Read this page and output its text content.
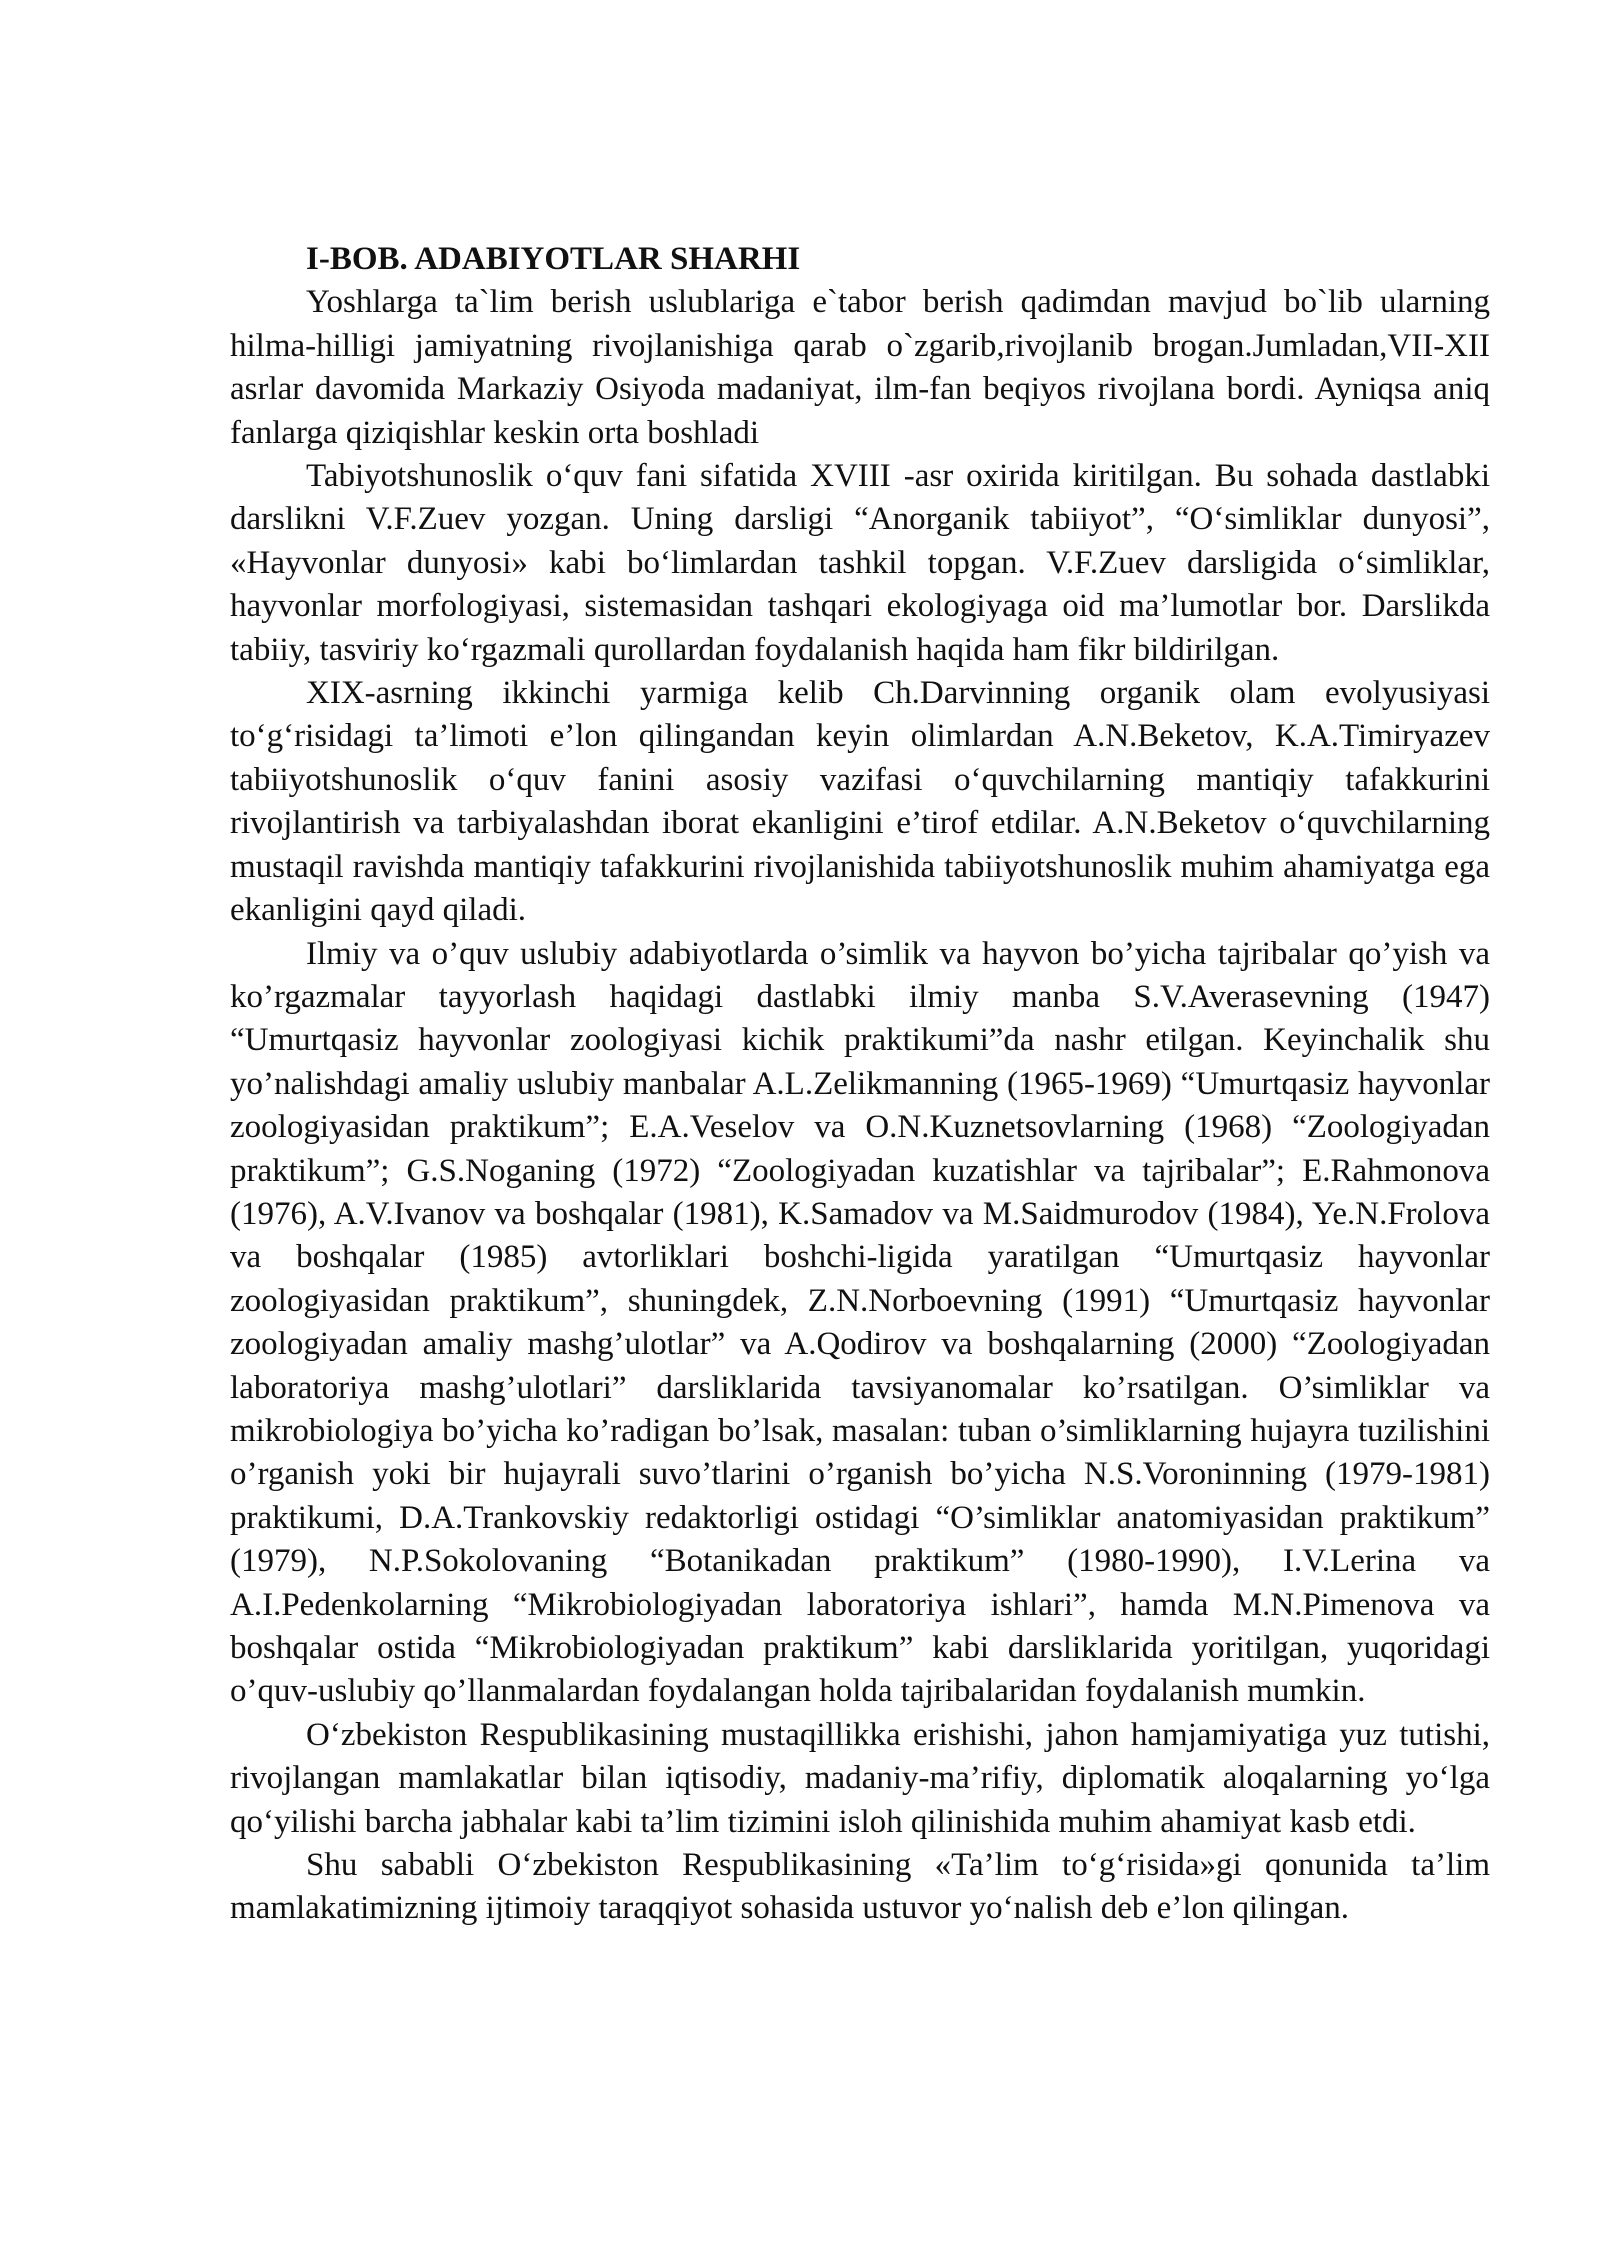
I-BOB. ADABIYOTLAR SHARHI

Yoshlarga ta`lim berish uslublariga e`tabor berish qadimdan mavjud bo`lib ularning hilma-hilligi jamiyatning rivojlanishiga qarab o`zgarib,rivojlanib brogan.Jumladan,VII-XII asrlar davomida Markaziy Osiyoda madaniyat, ilm-fan beqiyos rivojlana bordi. Ayniqsa aniq fanlarga qiziqishlar keskin orta boshladi

Tabiyotshunoslik o‘quv fani sifatida XVIII -asr oxirida kiritilgan. Bu sohada dastlabki darslikni V.F.Zuev yozgan. Uning darsligi “Anorganik tabiiyot”, “O‘simliklar dunyosi”, «Hayvonlar dunyosi» kabi bo‘limlardan tashkil topgan. V.F.Zuev darsligida o‘simliklar, hayvonlar morfologiyasi, sistemasidan tashqari ekologiyaga oid ma’lumotlar bor. Darslikda tabiiy, tasviriy ko‘rgazmali qurollardan foydalanish haqida ham fikr bildirilgan.

XIX-asrning ikkinchi yarmiga kelib Ch.Darvinning organik olam evolyusiyasi to‘g‘risidagi ta’limoti e’lon qilingandan keyin olimlardan A.N.Beketov, K.A.Timiryazev tabiiyotshunoslik o‘quv fanini asosiy vazifasi o‘quvchilarning mantiqiy tafakkurini rivojlantirish va tarbiyalashdan iborat ekanligini e’tirof etdilar. A.N.Beketov o‘quvchilarning mustaqil ravishda mantiqiy tafakkurini rivojlanishida tabiiyotshunoslik muhim ahamiyatga ega ekanligini qayd qiladi.

Ilmiy va o’quv uslubiy adabiyotlarda o’simlik va hayvon bo’yicha tajribalar qo’yish va ko’rgazmalar tayyorlash haqidagi dastlabki ilmiy manba S.V.Averasevning (1947) “Umurtqasiz hayvonlar zoologiyasi kichik praktikumi”da nashr etilgan. Keyinchalik shu yo’nalishdagi amaliy uslubiy manbalar A.L.Zelikmanning (1965-1969) “Umurtqasiz hayvonlar zoologiyasidan praktikum”; E.A.Veselov va O.N.Kuznetsovlarning (1968) “Zoologiyadan praktikum”; G.S.Noganing (1972) “Zoologiyadan kuzatishlar va tajribalar”; E.Rahmonova (1976), A.V.Ivanov va boshqalar (1981), K.Samadov va M.Saidmurodov (1984), Ye.N.Frolova va boshqalar (1985) avtorliklari boshchi-ligida yaratilgan “Umurtqasiz hayvonlar zoologiyasidan praktikum”, shuningdek, Z.N.Norboevning (1991) “Umurtqasiz hayvonlar zoologiyadan amaliy mashg’ulotlar” va A.Qodirov va boshqalarning (2000) “Zoologiyadan laboratoriya mashg’ulotlari” darsliklarida tavsiyanomalar ko’rsatilgan. O’simliklar va mikrobiologiya bo’yicha ko’radigan bo’lsak, masalan: tuban o’simliklarning hujayra tuzilishini o’rganish yoki bir hujayrali suvo’tlarini o’rganish bo’yicha N.S.Voroninning (1979-1981) praktikumi, D.A.Trankovskiy redaktorligi ostidagi “O’simliklar anatomiyasidan praktikum” (1979), N.P.Sokolovaning “Botanikadan praktikum” (1980-1990), I.V.Lerina va A.I.Pedenkolarning “Mikrobiologiyadan laboratoriya ishlari”, hamda M.N.Pimenova va boshqalar ostida “Mikrobiologiyadan praktikum” kabi darsliklarida yoritilgan, yuqoridagi o’quv-uslubiy qo’llanmalardan foydalangan holda tajribalaridan foydalanish mumkin.

O‘zbekiston Respublikasining mustaqillikka erishishi, jahon hamjamiyatiga yuz tutishi, rivojlangan mamlakatlar bilan iqtisodiy, madaniy-ma’rifiy, diplomatik aloqalarning yo‘lga qo‘yilishi barcha jabhalar kabi ta’lim tizimini isloh qilinishida muhim ahamiyat kasb etdi.

Shu sababli O‘zbekiston Respublikasining «Ta’lim to‘g‘risida»gi qonunida ta’lim mamlakatimizning ijtimoiy taraqqiyot sohasida ustuvor yo‘nalish deb e’lon qilingan.
